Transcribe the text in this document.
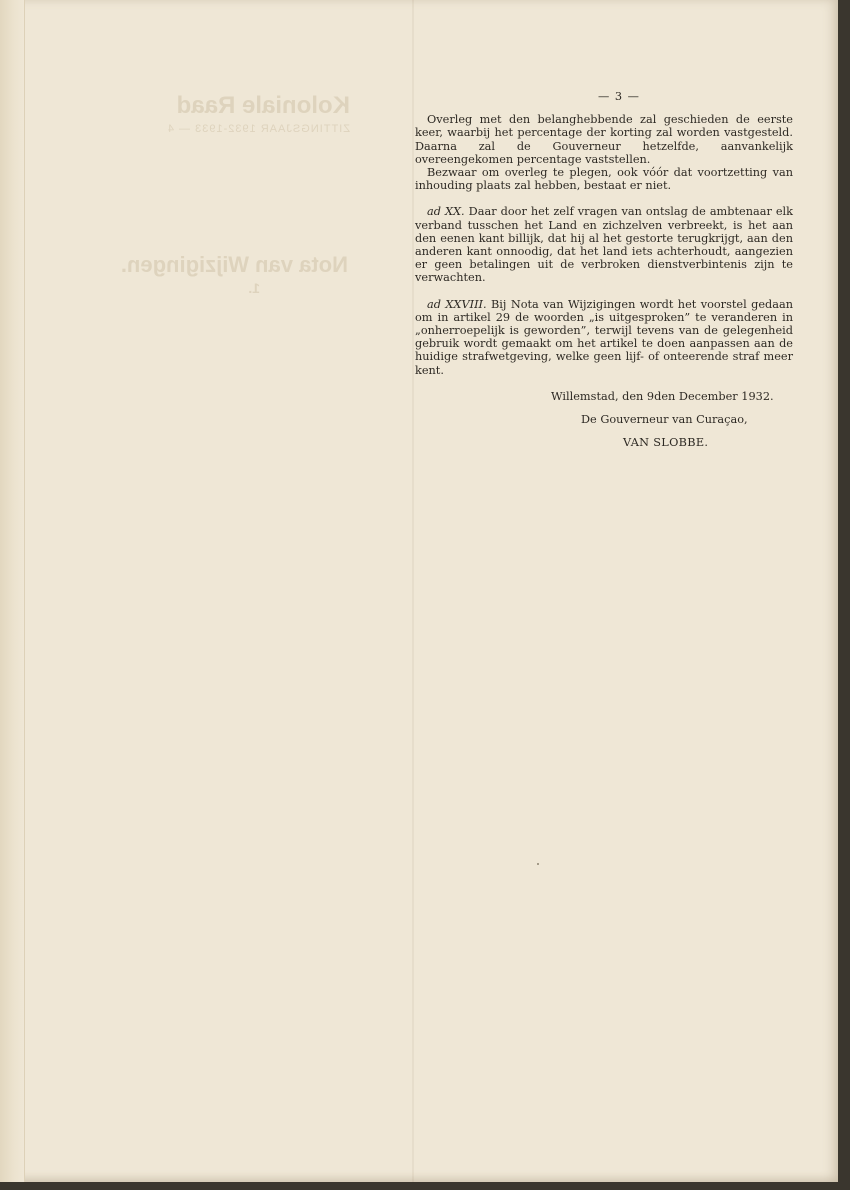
Koloniale Raad
ZITTINGSJAAR 1932-1933 — 4
Nota van Wijzigingen.
1.

— 3 —

Overleg met den belanghebbende zal geschieden de eerste keer, waarbij het percentage der korting zal worden vastgesteld. Daarna zal de Gouverneur hetzelfde, aanvankelijk overeengekomen percentage vaststellen.

Bezwaar om overleg te plegen, ook vóór dat voortzetting van inhouding plaats zal hebben, bestaat er niet.

ad XX. Daar door het zelf vragen van ontslag de ambtenaar elk verband tusschen het Land en zichzelven verbreekt, is het aan den eenen kant billijk, dat hij al het gestorte terugkrijgt, aan den anderen kant onnoodig, dat het land iets achterhoudt, aangezien er geen betalingen uit de verbroken dienstverbintenis zijn te verwachten.

ad XXVIII. Bij Nota van Wijzigingen wordt het voorstel gedaan om in artikel 29 de woorden „is uitgesproken” te veranderen in „onherroepelijk is geworden”, terwijl tevens van de gelegenheid gebruik wordt gemaakt om het artikel te doen aanpassen aan de huidige strafwetgeving, welke geen lijf- of onteerende straf meer kent.

Willemstad, den 9den December 1932.

De Gouverneur van Curaçao,

VAN SLOBBE.
